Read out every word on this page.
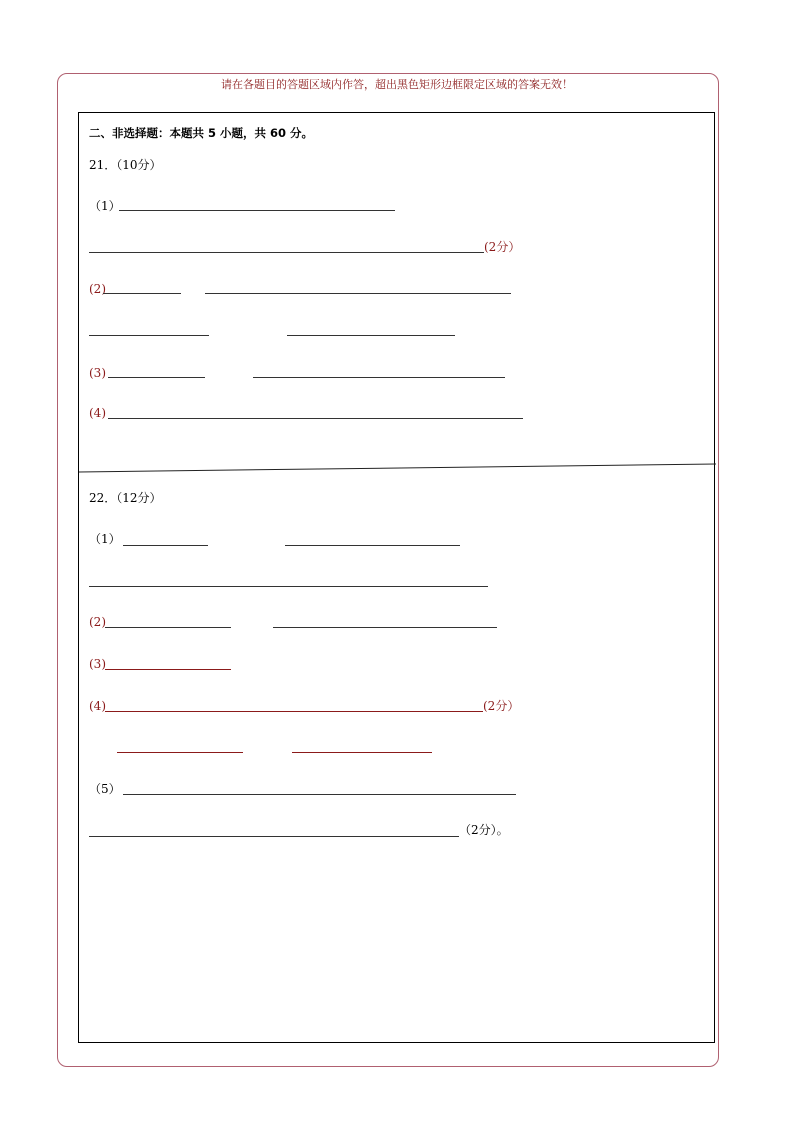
请在各题目的答题区域内作答，超出黑色矩形边框限定区域的答案无效！
二、非选择题：本题共 5 小题，共 60 分。
21．（10分）
（1）
(2分）
(2)
(3)
(4)
22．（12分）
（1）
(2)
(3)
(4)	(2分）
（5）
（2分）。
